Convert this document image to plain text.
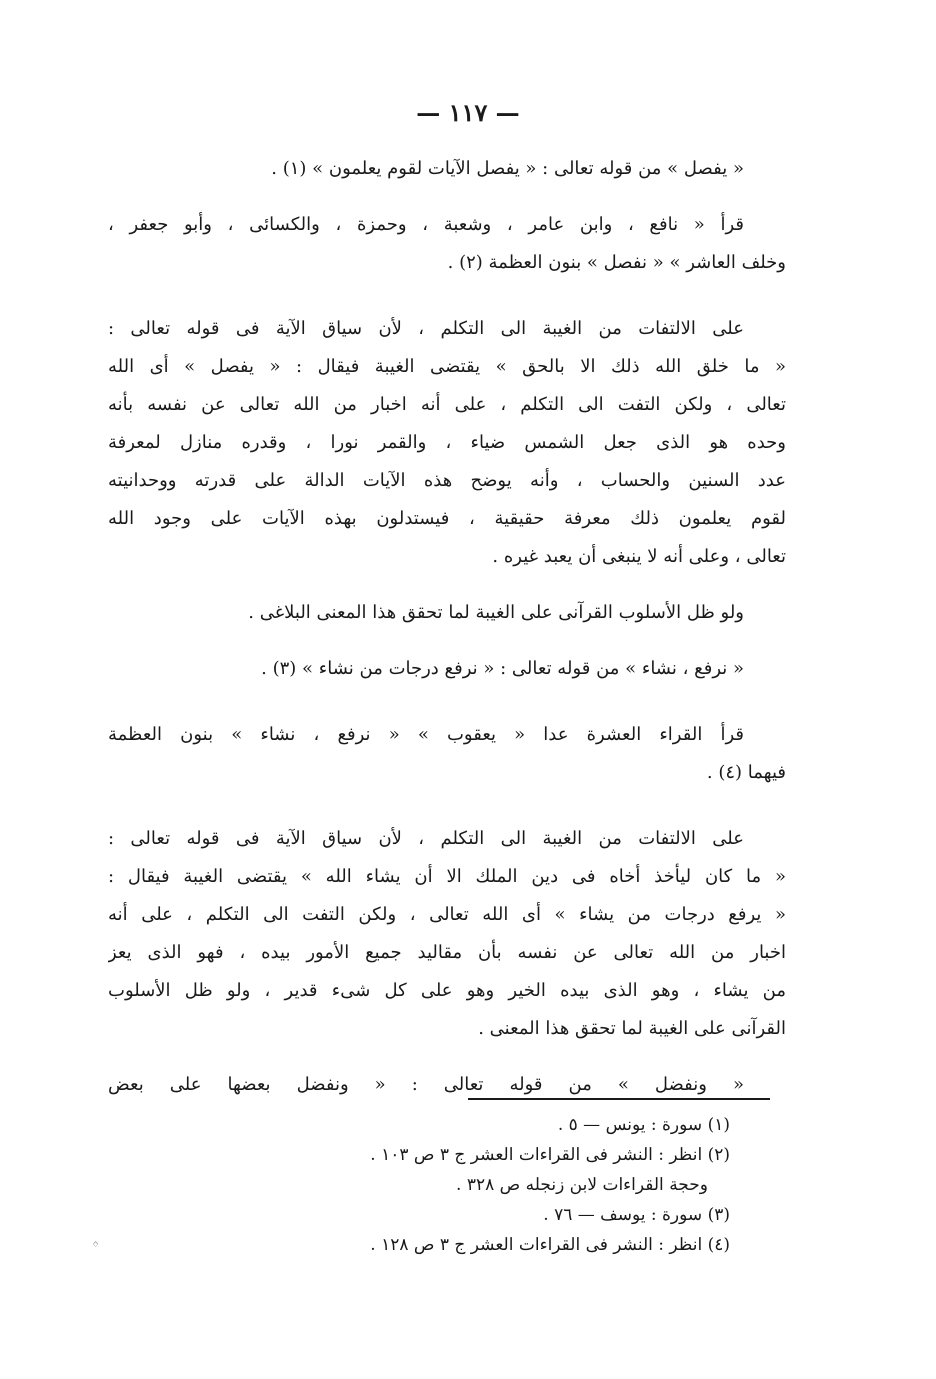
— ١١٧ —
« يفصل » من قوله تعالى : « يفصل الآيات لقوم يعلمون » (١) .
قرأ « نافع ، وابن عامر ، وشعبة ، وحمزة ، والكسائى ، وأبو جعفر ،
وخلف العاشر » « نفصل » بنون العظمة (٢) .
على الالتفات من الغيبة الى التكلم ، لأن سياق الآية فى قوله تعالى :
« ما خلق الله ذلك الا بالحق » يقتضى الغيبة فيقال : « يفصل » أى الله
تعالى ، ولكن التفت الى التكلم ، على أنه اخبار من الله تعالى عن نفسه بأنه
وحده هو الذى جعل الشمس ضياء ، والقمر نورا ، وقدره منازل لمعرفة
عدد السنين والحساب ، وأنه يوضح هذه الآيات الدالة على قدرته ووحدانيته
لقوم يعلمون ذلك معرفة حقيقية ، فيستدلون بهذه الآيات على وجود الله
تعالى ، وعلى أنه لا ينبغى أن يعبد غيره .
ولو ظل الأسلوب القرآنى على الغيبة لما تحقق هذا المعنى البلاغى .
« نرفع ، نشاء » من قوله تعالى : « نرفع درجات من نشاء » (٣) .
قرأ القراء العشرة عدا « يعقوب » « نرفع ، نشاء » بنون العظمة
فيهما (٤) .
على الالتفات من الغيبة الى التكلم ، لأن سياق الآية فى قوله تعالى :
« ما كان ليأخذ أخاه فى دين الملك الا أن يشاء الله » يقتضى الغيبة فيقال :
« يرفع درجات من يشاء » أى الله تعالى ، ولكن التفت الى التكلم ، على أنه
اخبار من الله تعالى عن نفسه بأن مقاليد جميع الأمور بيده ، فهو الذى يعز
من يشاء ، وهو الذى بيده الخير وهو على كل شىء قدير ، ولو ظل الأسلوب
القرآنى على الغيبة لما تحقق هذا المعنى .
« ونفضل » من قوله تعالى : « ونفضل بعضها على بعض
(١) سورة : يونس — ٥ .
(٢) انظر : النشر فى القراءات العشر ج ٣ ص ١٠٣ .
وحجة القراءات لابن زنجله ص ٣٢٨ .
(٣) سورة : يوسف — ٧٦ .
(٤) انظر : النشر فى القراءات العشر ج ٣ ص ١٢٨ .
ᛜ
